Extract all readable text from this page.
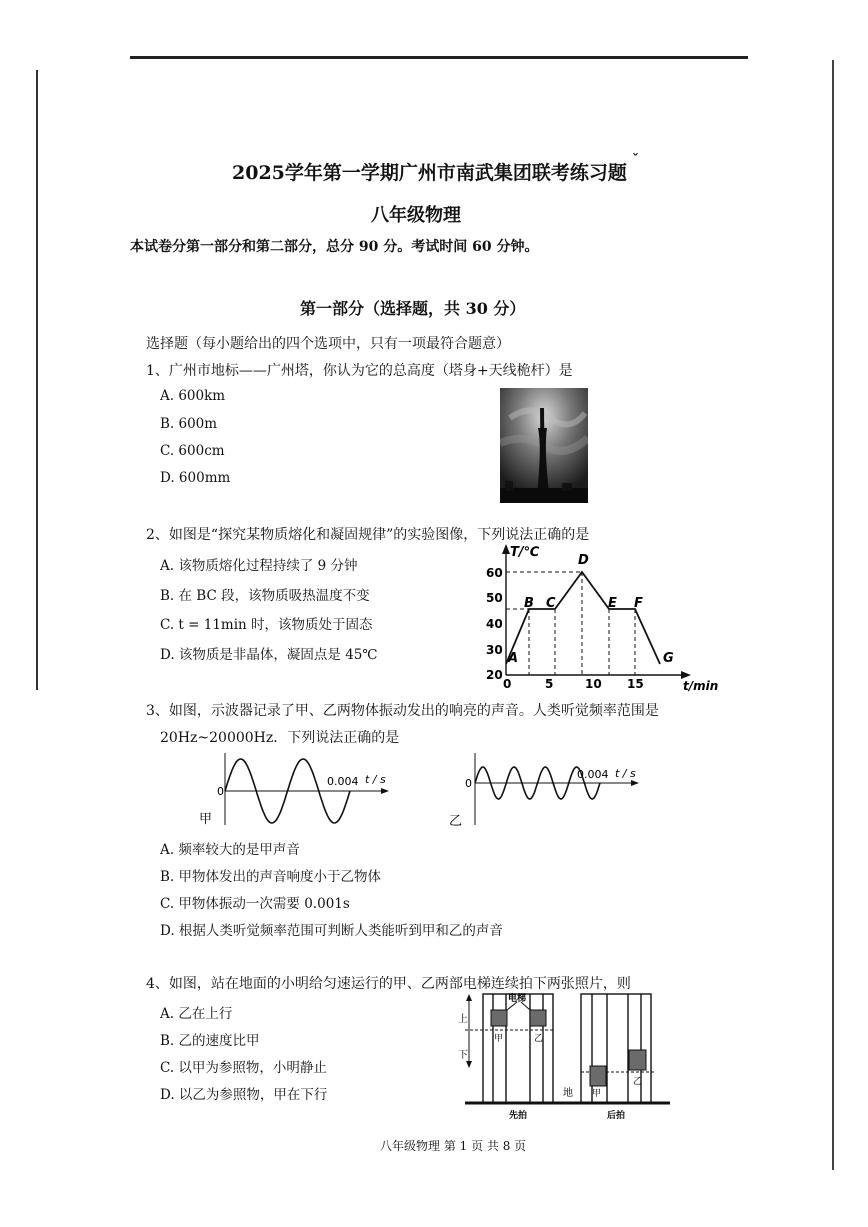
2025学年第一学期广州市南武集团联考练习题
ˇ
八年级物理
本试卷分第一部分和第二部分，总分 90 分。考试时间 60 分钟。
第一部分（选择题，共 30 分）
选择题（每小题给出的四个选项中，只有一项最符合题意）
1、广州市地标——广州塔，你认为它的总高度（塔身+天线桅杆）是
A. 600km
B. 600m
C. 600cm
D. 600mm
2、如图是“探究某物质熔化和凝固规律”的实验图像，下列说法正确的是
A. 该物质熔化过程持续了 9 分钟
B. 在 BC 段，该物质吸热温度不变
C. t = 11min 时，该物质处于固态
D. 该物质是非晶体，凝固点是 45℃
T/℃
t/min
20
30
40
50
60
0	5	10 15
A
B C
D
E F
G
3、如图，示波器记录了甲、乙两物体振动发出的响亮的声音。人类听觉频率范围是
20Hz~20000Hz．下列说法正确的是
0
0.004 t / s
甲
0
0.004 t / s
乙
A. 频率较大的是甲声音
B. 甲物体发出的声音响度小于乙物体
C. 甲物体振动一次需要 0.001s
D. 根据人类听觉频率范围可判断人类能听到甲和乙的声音
4、如图，站在地面的小明给匀速运行的甲、乙两部电梯连续拍下两张照片，则
A. 乙在上行
B. 乙的速度比甲
C. 以甲为参照物，小明静止
D. 以乙为参照物，甲在下行
上
下
电梯
甲	乙
甲
乙
地
先拍	后拍
八年级物理 第 1 页 共 8 页
